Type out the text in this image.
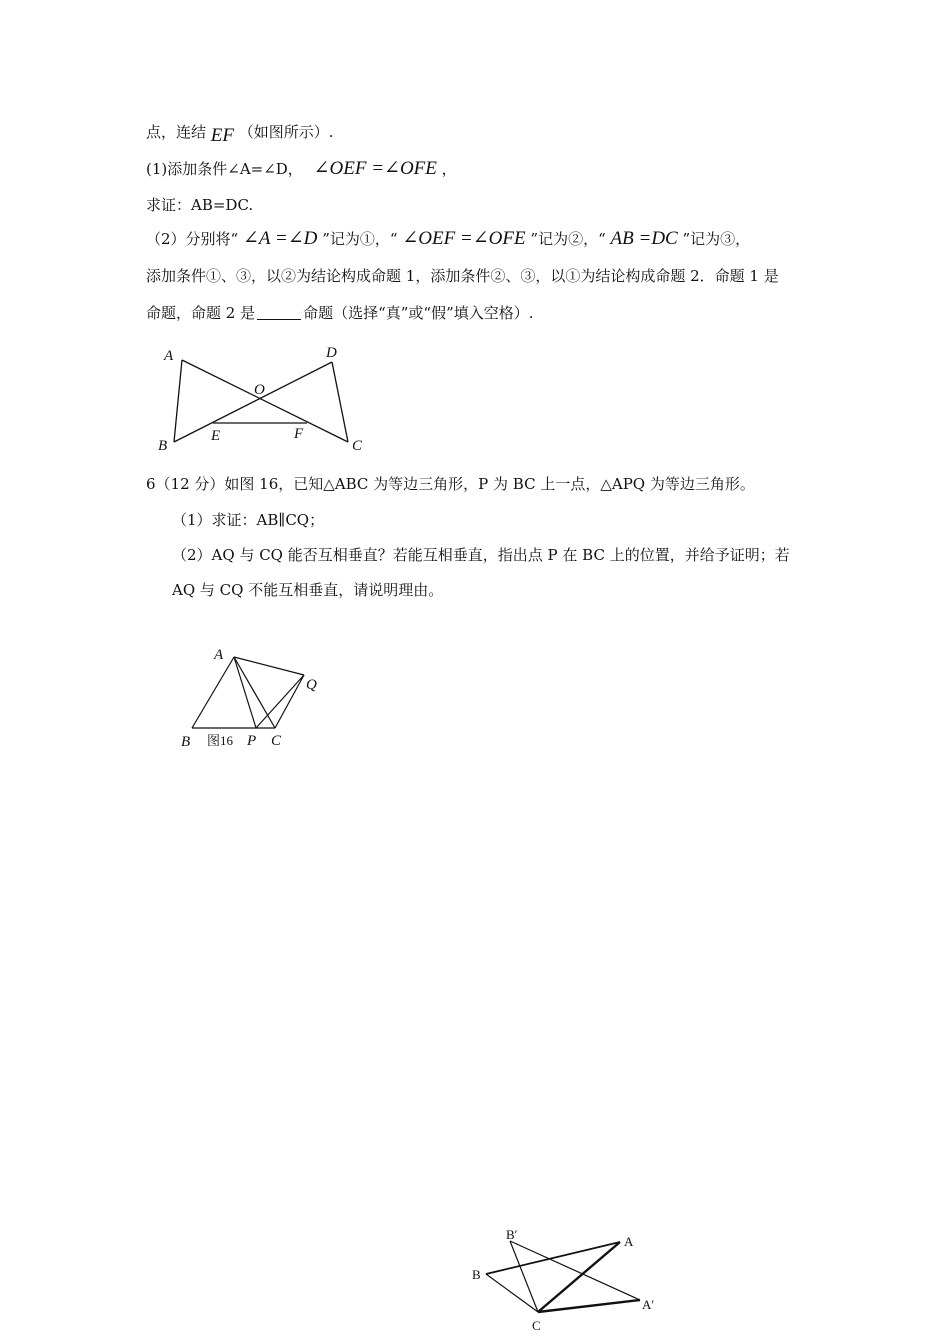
点，连结 EF （如图所示）.
(1)添加条件∠A=∠D， ∠OEF =∠OFE ，
求证：AB=DC.
（2）分别将“ ∠A =∠D ”记为①，“ ∠OEF =∠OFE ”记为②，“ AB =DC ”记为③，
添加条件①、③，以②为结论构成命题 1，添加条件②、③，以①为结论构成命题 2．命题 1 是
命题，命题 2 是	命题（选择“真”或“假”填入空格）.
A	D
O
E	F
B	C
6（12 分）如图 16，已知△ABC 为等边三角形，P 为 BC 上一点，△APQ 为等边三角形。
（1）求证：AB∥CQ；
（2）AQ 与 CQ 能否互相垂直？若能互相垂直，指出点 P 在 BC 上的位置，并给予证明；若
AQ 与 CQ 不能互相垂直，请说明理由。
A
Q
B 图16 P C
B′	A
B
A′
C
